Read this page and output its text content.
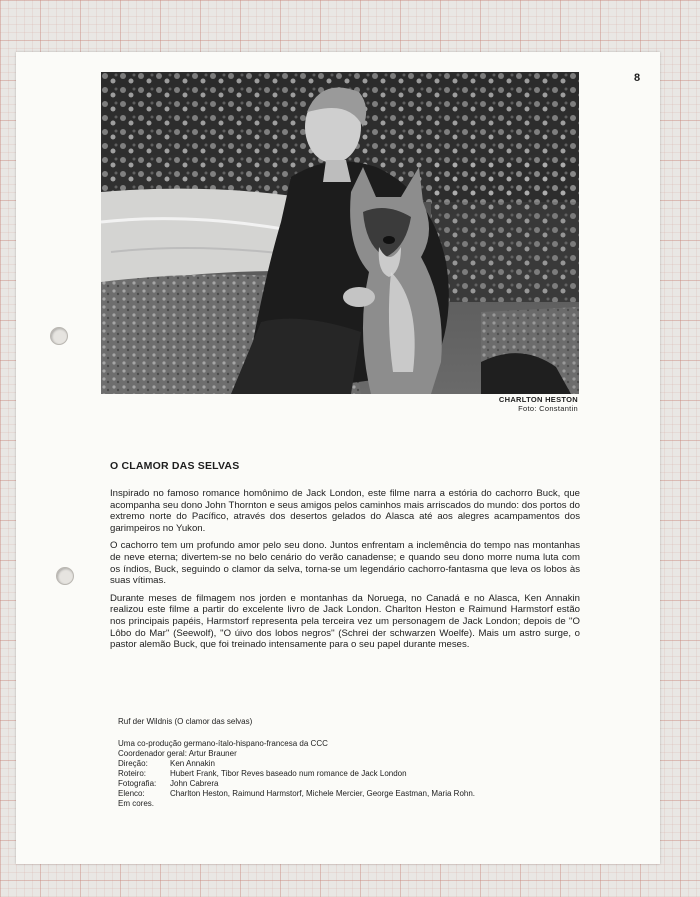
8
CHARLTON HESTON
Foto: Constantin
O CLAMOR DAS SELVAS

Inspirado no famoso romance homônimo de Jack London, este filme narra a estória do cachorro Buck, que acompanha seu dono John Thornton e seus amigos pelos caminhos mais arriscados do mundo: dos portos do extremo norte do Pacífico, através dos desertos gelados do Alasca até aos alegres acampamentos dos garimpeiros no Yukon.

O cachorro tem um profundo amor pelo seu dono. Juntos enfrentam a inclemência do tempo nas montanhas de neve eterna; divertem-se no belo cenário do verão canadense; e quando seu dono morre numa luta com os índios, Buck, seguindo o clamor da selva, torna-se um legendário cachorro-fantasma que leva os lobos às suas vítimas.

Durante meses de filmagem nos jorden e montanhas da Noruega, no Canadá e no Alasca, Ken Annakin realizou este filme a partir do excelente livro de Jack London. Charlton Heston e Raimund Harmstorf estão nos principais papéis, Harmstorf representa pela terceira vez um personagem de Jack London; depois de ''O Lôbo do Mar'' (Seewolf), ''O úivo dos lobos negros'' (Schrei der schwarzen Woelfe). Mais um astro surge, o pastor alemão Buck, que foi treinado intensamente para o seu papel durante meses.

Ruf der Wildnis (O clamor das selvas)
Uma co-produção germano-ítalo-hispano-francesa da CCC
Coordenador geral: Artur Brauner
Direção:	Ken Annakin
Roteiro:	Hubert Frank, Tibor Reves baseado num romance de Jack London
Fotografia:	John Cabrera
Elenco:	Charlton Heston, Raimund Harmstorf, Michele Mercier, George Eastman, Maria Rohn.
Em cores.
